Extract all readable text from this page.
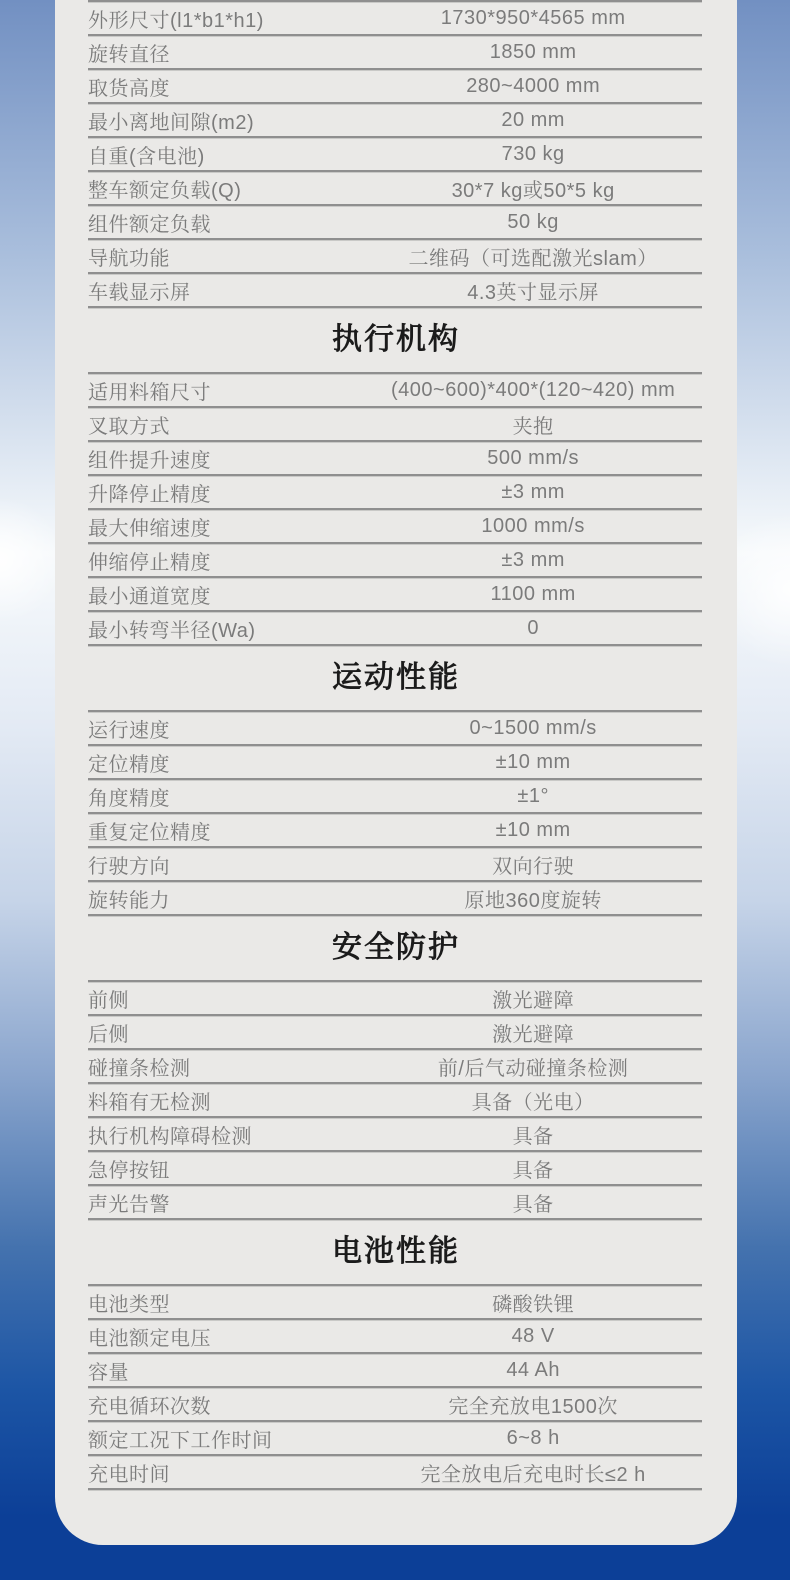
外形尺寸(l1*b1*h1)	1730*950*4565 mm
旋转直径	1850 mm
取货高度	280~4000 mm
最小离地间隙(m2)	20 mm
自重(含电池)	730 kg
整车额定负载(Q)	30*7 kg或50*5 kg
组件额定负载	50 kg
导航功能	二维码（可选配激光slam）
车载显示屏	4.3英寸显示屏
执行机构
适用料箱尺寸	(400~600)*400*(120~420) mm
叉取方式	夹抱
组件提升速度	500 mm/s
升降停止精度	±3 mm
最大伸缩速度	1000 mm/s
伸缩停止精度	±3 mm
最小通道宽度	1100 mm
最小转弯半径(Wa)	0
运动性能
运行速度	0~1500 mm/s
定位精度	±10 mm
角度精度	±1°
重复定位精度	±10 mm
行驶方向	双向行驶
旋转能力	原地360度旋转
安全防护
前侧	激光避障
后侧	激光避障
碰撞条检测	前/后气动碰撞条检测
料箱有无检测	具备（光电）
执行机构障碍检测	具备
急停按钮	具备
声光告警	具备
电池性能
电池类型	磷酸铁锂
电池额定电压	48 V
容量	44 Ah
充电循环次数	完全充放电1500次
额定工况下工作时间	6~8 h
充电时间	完全放电后充电时长≤2 h
